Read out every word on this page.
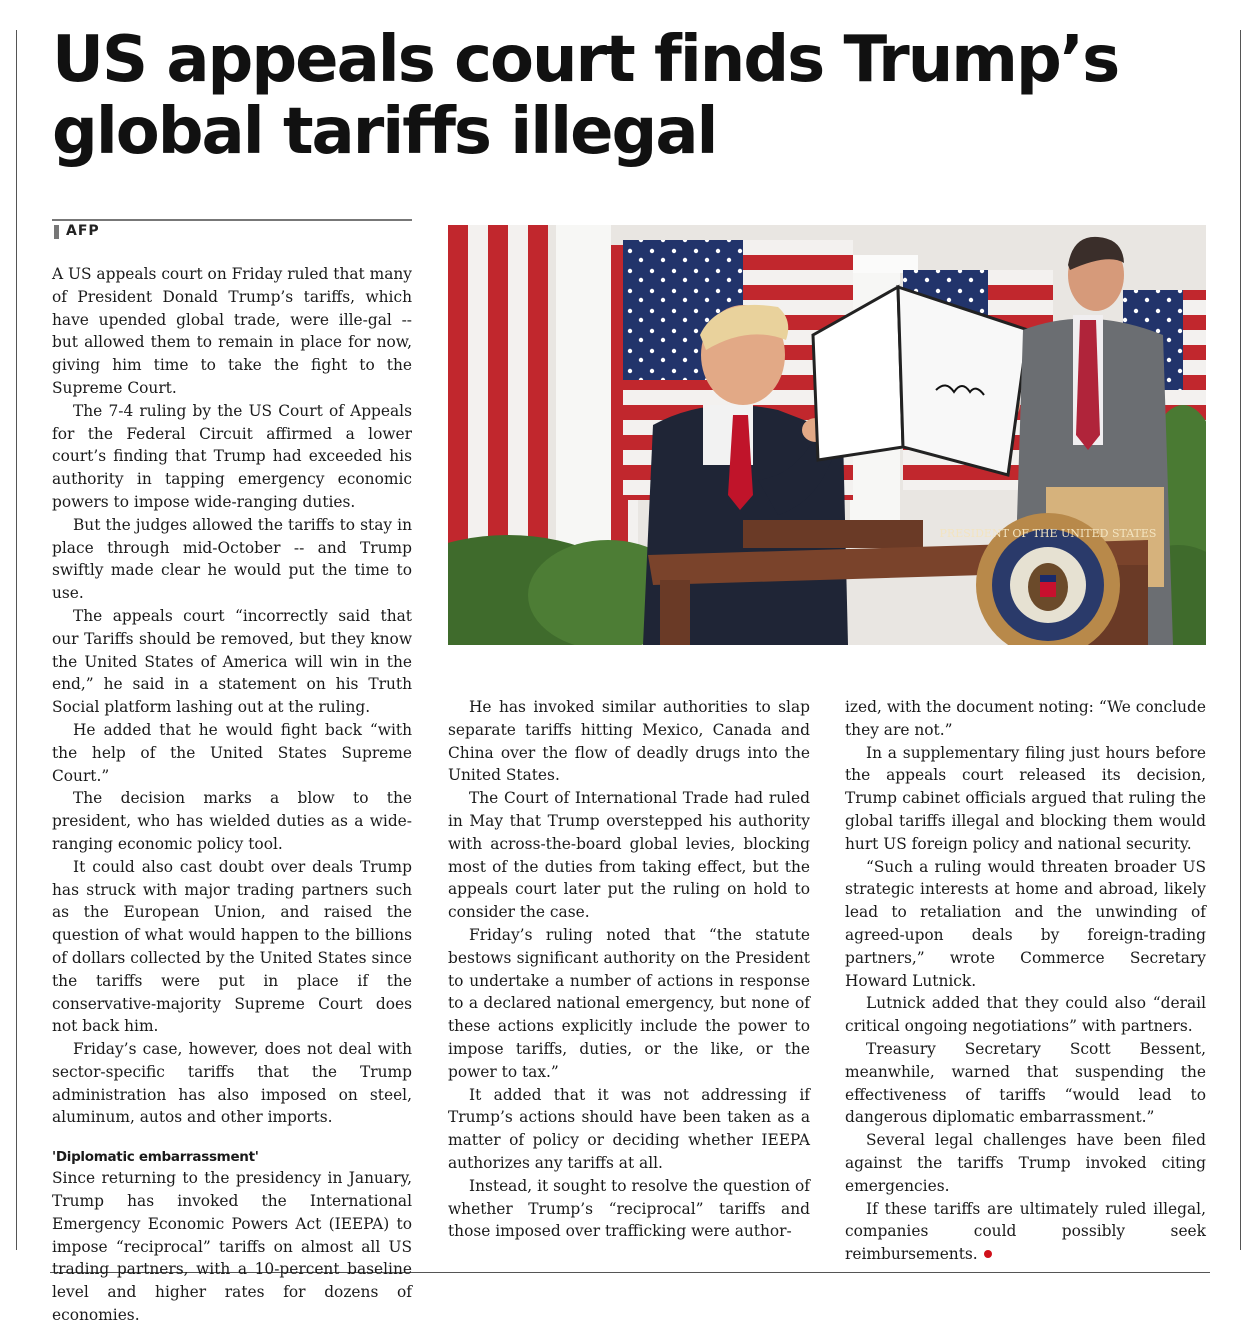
US appeals court finds Trump’s
global tariffs illegal
AFP

A US appeals court on Friday ruled that many of President Donald Trump’s tariffs, which have upended global trade, were ille-gal -- but allowed them to remain in place for now, giving him time to take the fight to the Supreme Court.

The 7-4 ruling by the US Court of Appeals for the Federal Circuit affirmed a lower court’s finding that Trump had exceeded his authority in tapping emergency economic powers to impose wide-ranging duties.

But the judges allowed the tariffs to stay in place through mid-October -- and Trump swiftly made clear he would put the time to use.

The appeals court “incorrectly said that our Tariffs should be removed, but they know the United States of America will win in the end,” he said in a statement on his Truth Social platform lashing out at the ruling.

He added that he would fight back “with the help of the United States Supreme Court.”

The decision marks a blow to the president, who has wielded duties as a wide-ranging economic policy tool.

It could also cast doubt over deals Trump has struck with major trading partners such as the European Union, and raised the question of what would happen to the billions of dollars collected by the United States since the tariffs were put in place if the conservative-majority Supreme Court does not back him.

Friday’s case, however, does not deal with sector-specific tariffs that the Trump administration has also imposed on steel, aluminum, autos and other imports.

'Diplomatic embarrassment'

Since returning to the presidency in January, Trump has invoked the International Emergency Economic Powers Act (IEEPA) to impose “reciprocal” tariffs on almost all US trading partners, with a 10-percent baseline level and higher rates for dozens of economies.

PRESIDENT OF THE UNITED STATES

He has invoked similar authorities to slap separate tariffs hitting Mexico, Canada and China over the flow of deadly drugs into the United States.

The Court of International Trade had ruled in May that Trump overstepped his authority with across-the-board global levies, blocking most of the duties from taking effect, but the appeals court later put the ruling on hold to consider the case.

Friday’s ruling noted that “the statute bestows significant authority on the President to undertake a number of actions in response to a declared national emergency, but none of these actions explicitly include the power to impose tariffs, duties, or the like, or the power to tax.”

It added that it was not addressing if Trump’s actions should have been taken as a matter of policy or deciding whether IEEPA authorizes any tariffs at all.

Instead, it sought to resolve the question of whether Trump’s “reciprocal” tariffs and those imposed over trafficking were author-

ized, with the document noting: “We conclude they are not.”

In a supplementary filing just hours before the appeals court released its decision, Trump cabinet officials argued that ruling the global tariffs illegal and blocking them would hurt US foreign policy and national security.

“Such a ruling would threaten broader US strategic interests at home and abroad, likely lead to retaliation and the unwinding of agreed-upon deals by foreign-trading partners,” wrote Commerce Secretary Howard Lutnick.

Lutnick added that they could also “derail critical ongoing negotiations” with partners.

Treasury Secretary Scott Bessent, meanwhile, warned that suspending the effectiveness of tariffs “would lead to dangerous diplomatic embarrassment.”

Several legal challenges have been filed against the tariffs Trump invoked citing emergencies.

If these tariffs are ultimately ruled illegal, companies could possibly seek reimbursements.
